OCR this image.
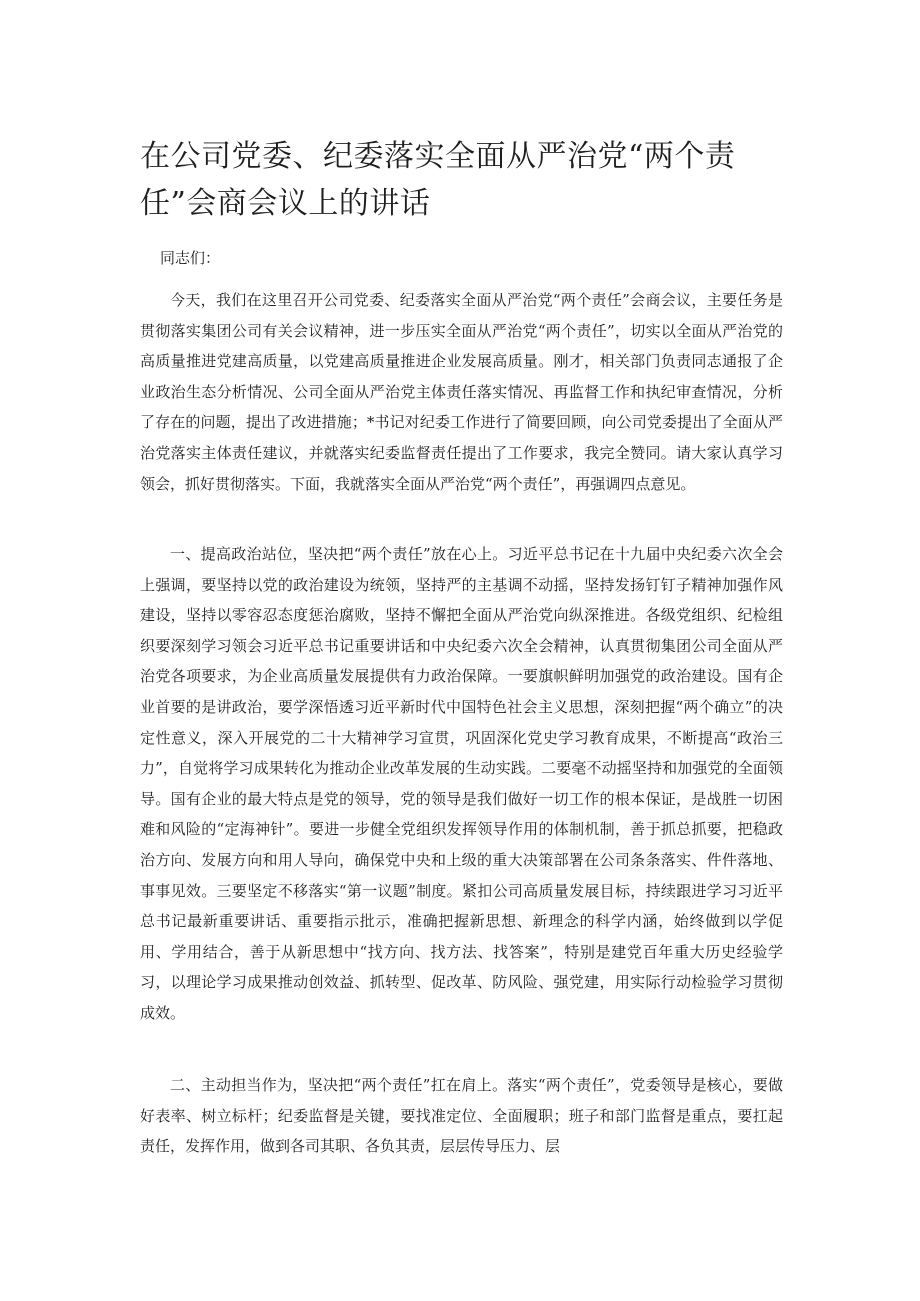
在公司党委、纪委落实全面从严治党“两个责任”会商会议上的讲话
同志们：

今天，我们在这里召开公司党委、纪委落实全面从严治党“两个责任”会商会议，主要任务是贯彻落实集团公司有关会议精神，进一步压实全面从严治党“两个责任”，切实以全面从严治党的高质量推进党建高质量，以党建高质量推进企业发展高质量。刚才，相关部门负责同志通报了企业政治生态分析情况、公司全面从严治党主体责任落实情况、再监督工作和执纪审查情况，分析了存在的问题，提出了改进措施；*书记对纪委工作进行了简要回顾，向公司党委提出了全面从严治党落实主体责任建议，并就落实纪委监督责任提出了工作要求，我完全赞同。请大家认真学习领会，抓好贯彻落实。下面，我就落实全面从严治党“两个责任”，再强调四点意见。

一、提高政治站位，坚决把“两个责任”放在心上。习近平总书记在十九届中央纪委六次全会上强调，要坚持以党的政治建设为统领，坚持严的主基调不动摇，坚持发扬钉钉子精神加强作风建设，坚持以零容忍态度惩治腐败，坚持不懈把全面从严治党向纵深推进。各级党组织、纪检组织要深刻学习领会习近平总书记重要讲话和中央纪委六次全会精神，认真贯彻集团公司全面从严治党各项要求，为企业高质量发展提供有力政治保障。一要旗帜鲜明加强党的政治建设。国有企业首要的是讲政治，要学深悟透习近平新时代中国特色社会主义思想，深刻把握“两个确立”的决定性意义，深入开展党的二十大精神学习宣贯，巩固深化党史学习教育成果，不断提高“政治三力”，自觉将学习成果转化为推动企业改革发展的生动实践。二要毫不动摇坚持和加强党的全面领导。国有企业的最大特点是党的领导，党的领导是我们做好一切工作的根本保证，是战胜一切困难和风险的“定海神针”。要进一步健全党组织发挥领导作用的体制机制，善于抓总抓要，把稳政治方向、发展方向和用人导向，确保党中央和上级的重大决策部署在公司条条落实、件件落地、事事见效。三要坚定不移落实“第一议题”制度。紧扣公司高质量发展目标，持续跟进学习习近平总书记最新重要讲话、重要指示批示，准确把握新思想、新理念的科学内涵，始终做到以学促用、学用结合，善于从新思想中“找方向、找方法、找答案”，特别是建党百年重大历史经验学习，以理论学习成果推动创效益、抓转型、促改革、防风险、强党建，用实际行动检验学习贯彻成效。

二、主动担当作为，坚决把“两个责任”扛在肩上。落实“两个责任”，党委领导是核心，要做好表率、树立标杆；纪委监督是关键，要找准定位、全面履职；班子和部门监督是重点，要扛起责任，发挥作用，做到各司其职、各负其责，层层传导压力、层
